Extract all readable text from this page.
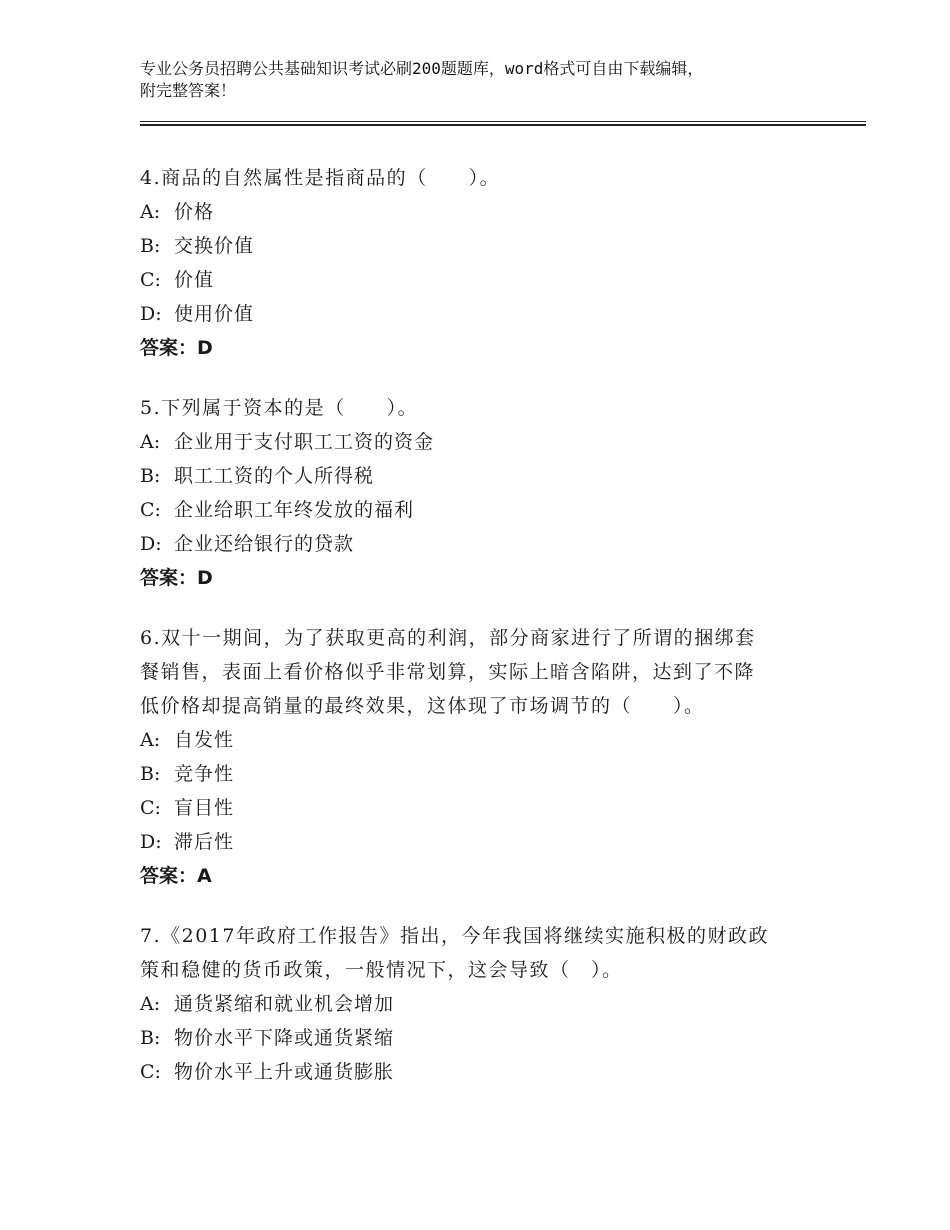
专业公务员招聘公共基础知识考试必刷200题题库，word格式可自由下载编辑，
附完整答案！
4.商品的自然属性是指商品的（　　）。
A: 价格
B: 交换价值
C: 价值
D: 使用价值
答案：D
5.下列属于资本的是（　　）。
A: 企业用于支付职工工资的资金
B: 职工工资的个人所得税
C: 企业给职工年终发放的福利
D: 企业还给银行的贷款
答案：D
6.双十一期间，为了获取更高的利润，部分商家进行了所谓的捆绑套
餐销售，表面上看价格似乎非常划算，实际上暗含陷阱，达到了不降
低价格却提高销量的最终效果，这体现了市场调节的（　　）。
A: 自发性
B: 竞争性
C: 盲目性
D: 滞后性
答案：A
7.《2017年政府工作报告》指出，今年我国将继续实施积极的财政政
策和稳健的货币政策，一般情况下，这会导致（　）。
A: 通货紧缩和就业机会增加
B: 物价水平下降或通货紧缩
C: 物价水平上升或通货膨胀
